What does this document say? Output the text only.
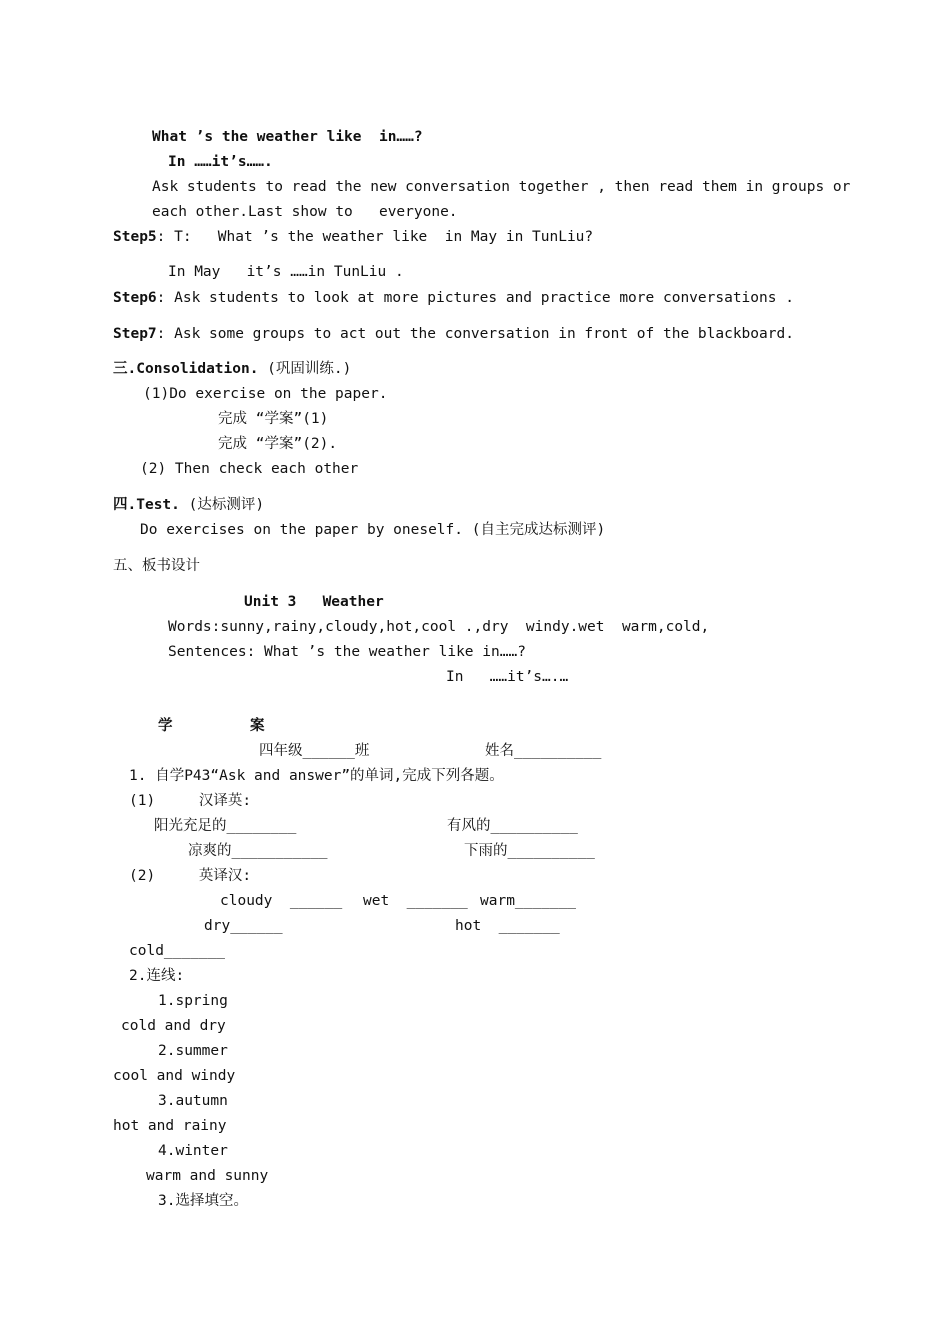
What ’s the weather like  in……?
In ……it’s…….
Ask students to read the new conversation together , then read them in groups or
each other.Last show to   everyone.
Step5: T:   What ’s the weather like  in May in TunLiu?
In May   it’s ……in TunLiu .
Step6: Ask students to look at more pictures and practice more conversations .
Step7: Ask some groups to act out the conversation in front of the blackboard.
三.Consolidation. (巩固训练.)
(1)Do exercise on the paper.
完成 “学案”(1)
完成 “学案”(2).
(2) Then check each other
四.Test. (达标测评)
Do exercises on the paper by oneself. (自主完成达标测评)
五、板书设计
Unit 3   Weather
Words:sunny,rainy,cloudy,hot,cool .,dry  windy.wet  warm,cold,
Sentences: What ’s the weather like in……?
In   ……it’s….…
学	案
四年级______班	姓名__________
1. 自学P43“Ask and answer”的单词,完成下列各题。
(1)     汉译英:
阳光充足的________	有风的__________
凉爽的___________	下雨的__________
(2)     英译汉:
cloudy  ______ wet  _______ warm_______
dry______	hot  _______
cold_______
2.连线:
1.spring
cold and dry
2.summer
cool and windy
3.autumn
hot and rainy
4.winter
warm and sunny
3.选择填空。
